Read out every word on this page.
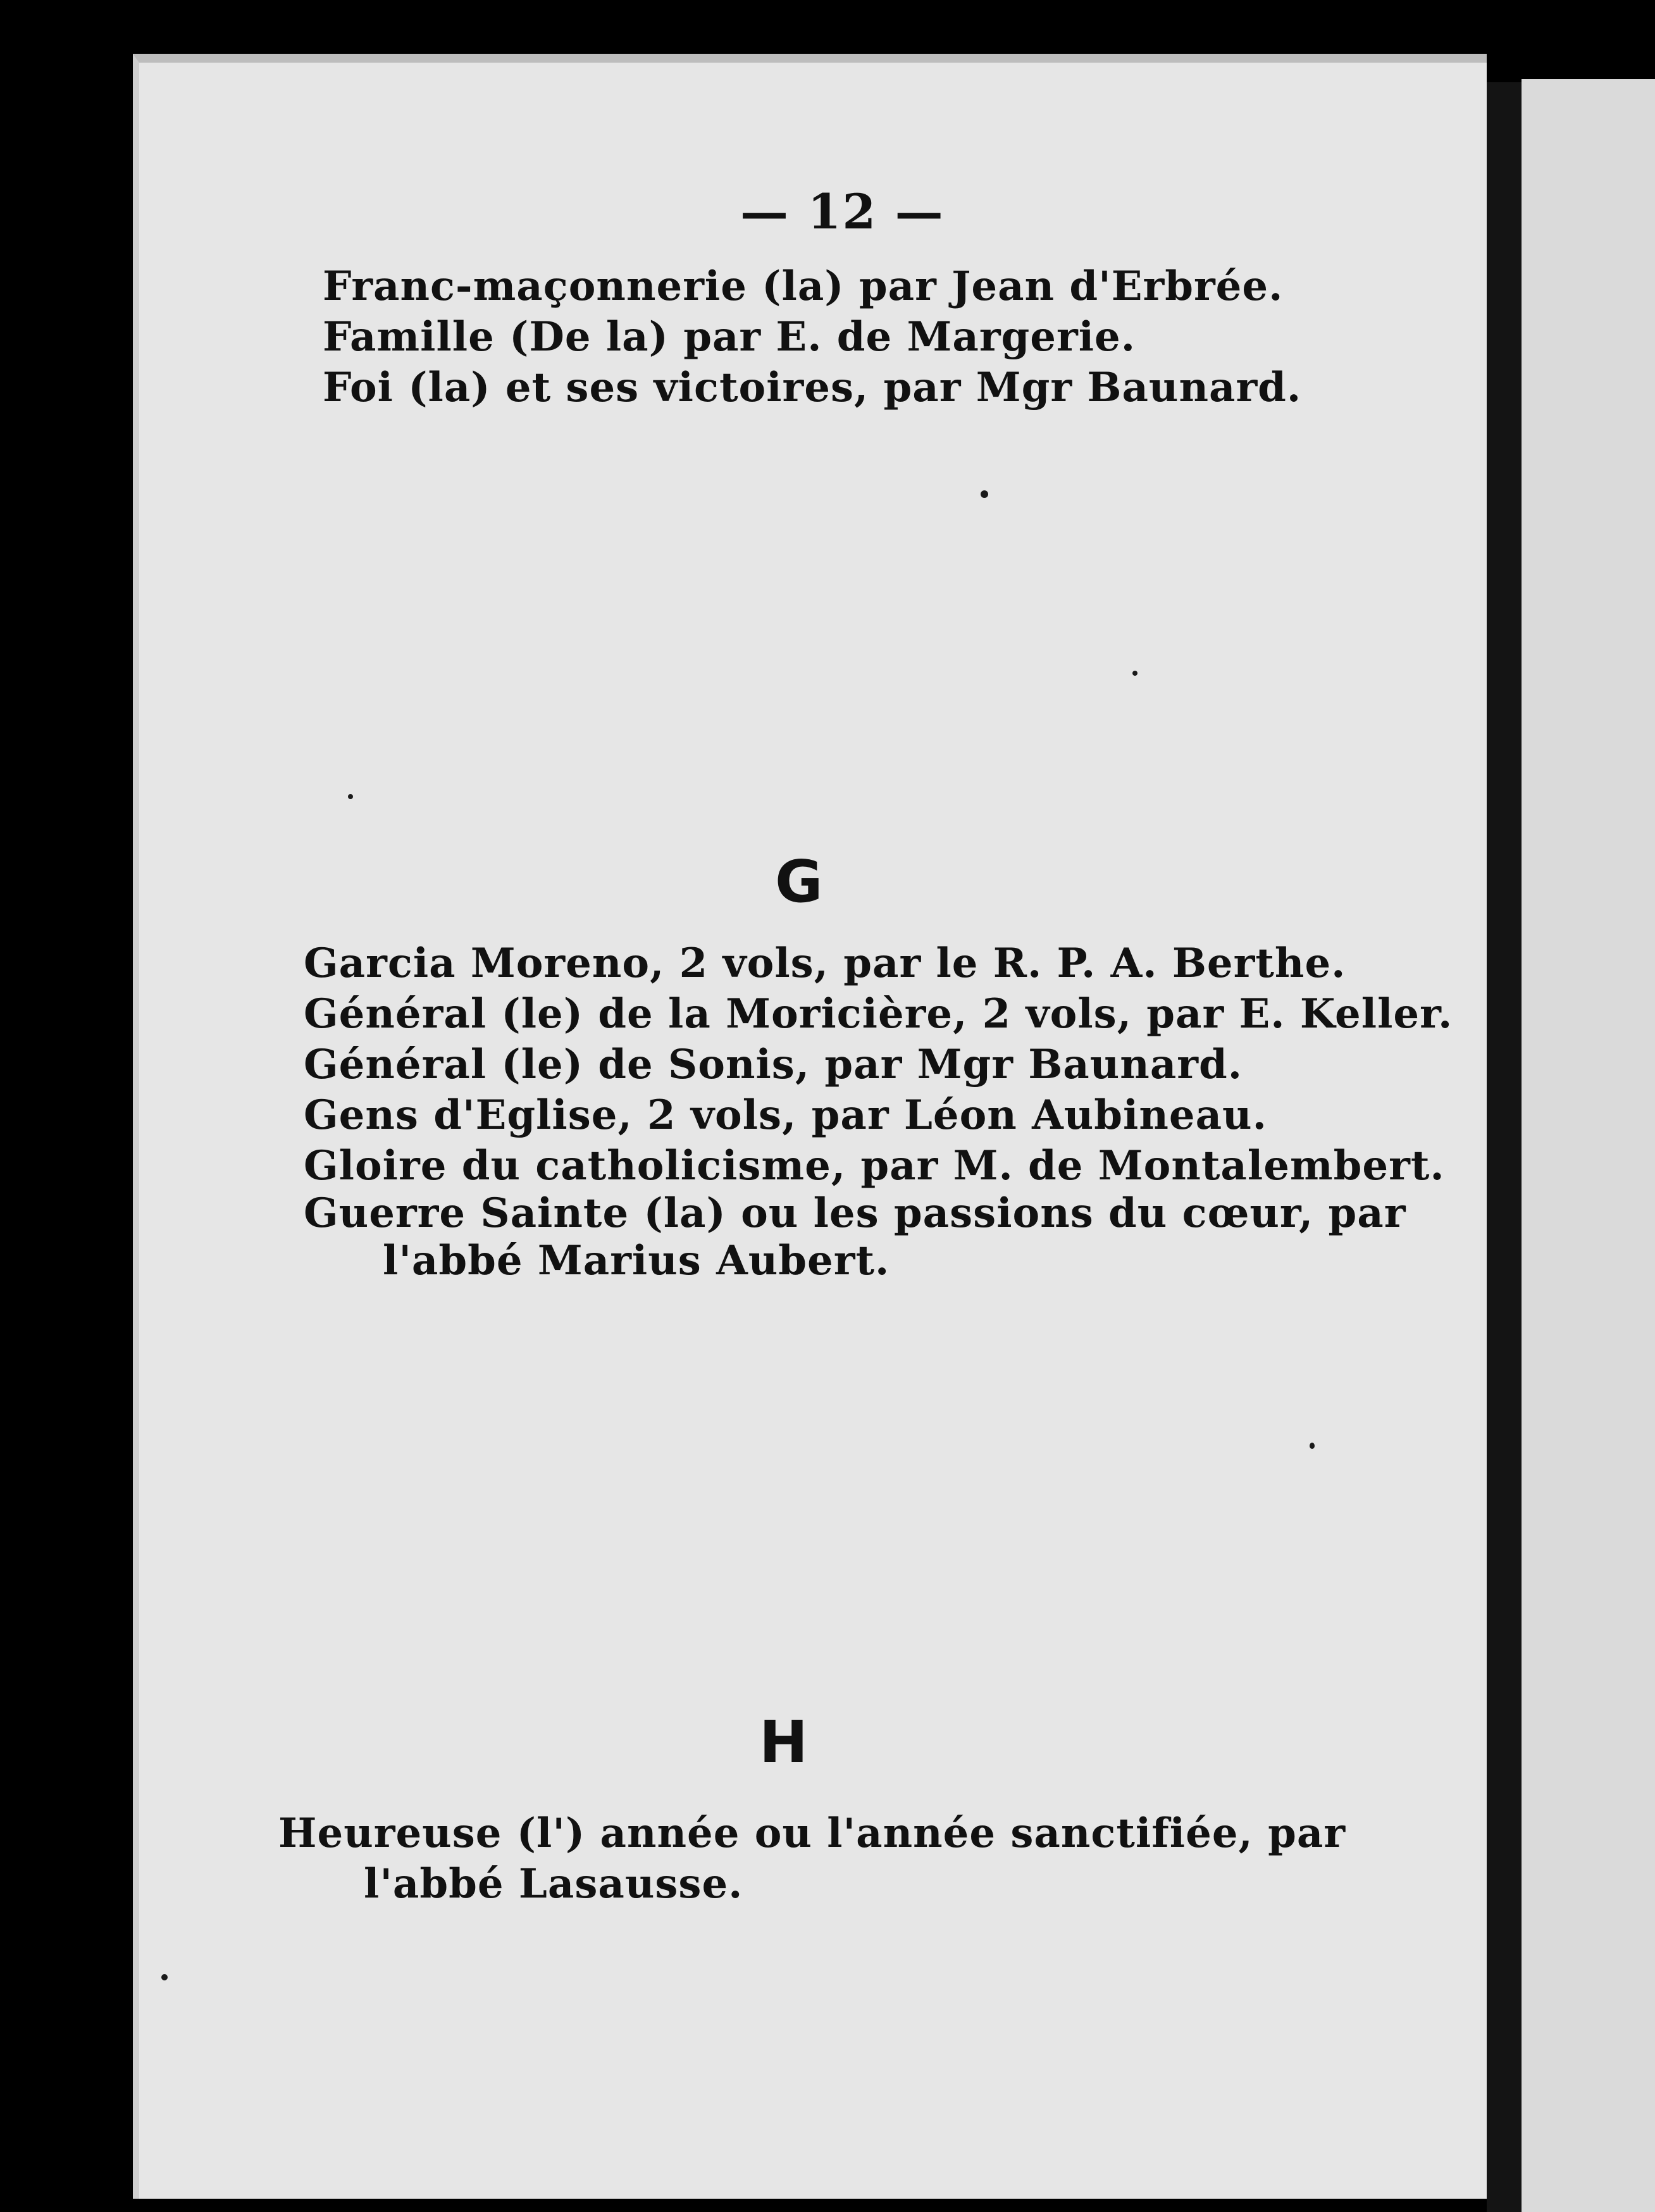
— 12 —
Franc-maçonnerie (la) par Jean d'Erbrée.
Famille (De la) par E. de Margerie.
Foi (la) et ses victoires, par Mgr Baunard.
G
Garcia Moreno, 2 vols, par le R. P. A. Berthe.
Général (le) de la Moricière, 2 vols, par E. Keller.
Général (le) de Sonis, par Mgr Baunard.
Gens d'Eglise, 2 vols, par Léon Aubineau.
Gloire du catholicisme, par M. de Montalembert.
Guerre Sainte (la) ou les passions du cœur, par
l'abbé Marius Aubert.
H
Heureuse (l') année ou l'année sanctifiée, par
l'abbé Lasausse.
